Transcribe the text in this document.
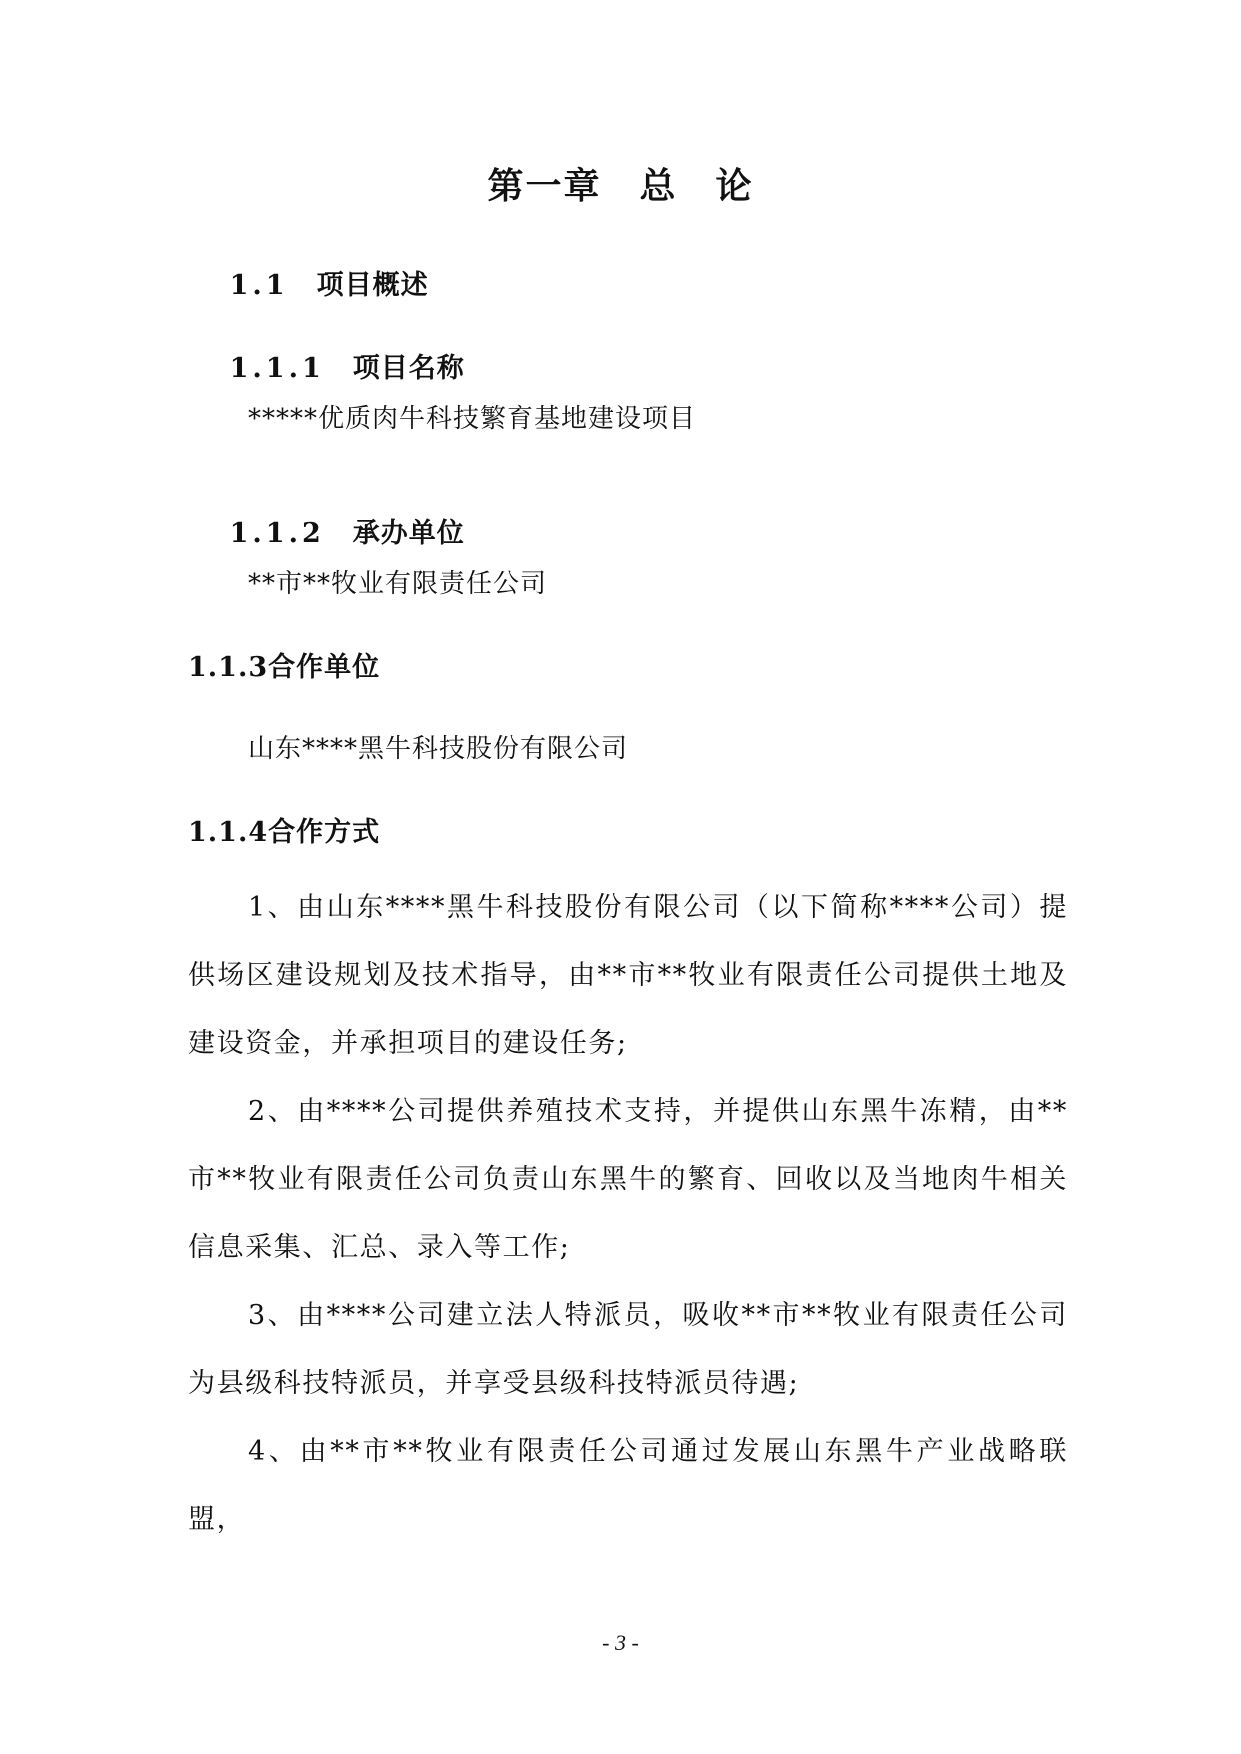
第一章　总　论

1.1　 项目概述

1.1.1　 项目名称

*****优质肉牛科技繁育基地建设项目

1.1.2　 承办单位

**市**牧业有限责任公司
1.1.3合作单位
山东****黑牛科技股份有限公司
1.1.4合作方式

1、由山东****黑牛科技股份有限公司（以下简称****公司）提供场区建设规划及技术指导，由**市**牧业有限责任公司提供土地及建设资金，并承担项目的建设任务;

2、由****公司提供养殖技术支持，并提供山东黑牛冻精，由**市**牧业有限责任公司负责山东黑牛的繁育、回收以及当地肉牛相关信息采集、汇总、录入等工作;

3、由****公司建立法人特派员，吸收**市**牧业有限责任公司为县级科技特派员，并享受县级科技特派员待遇;

4、由**市**牧业有限责任公司通过发展山东黑牛产业战略联盟，

- 3 -
